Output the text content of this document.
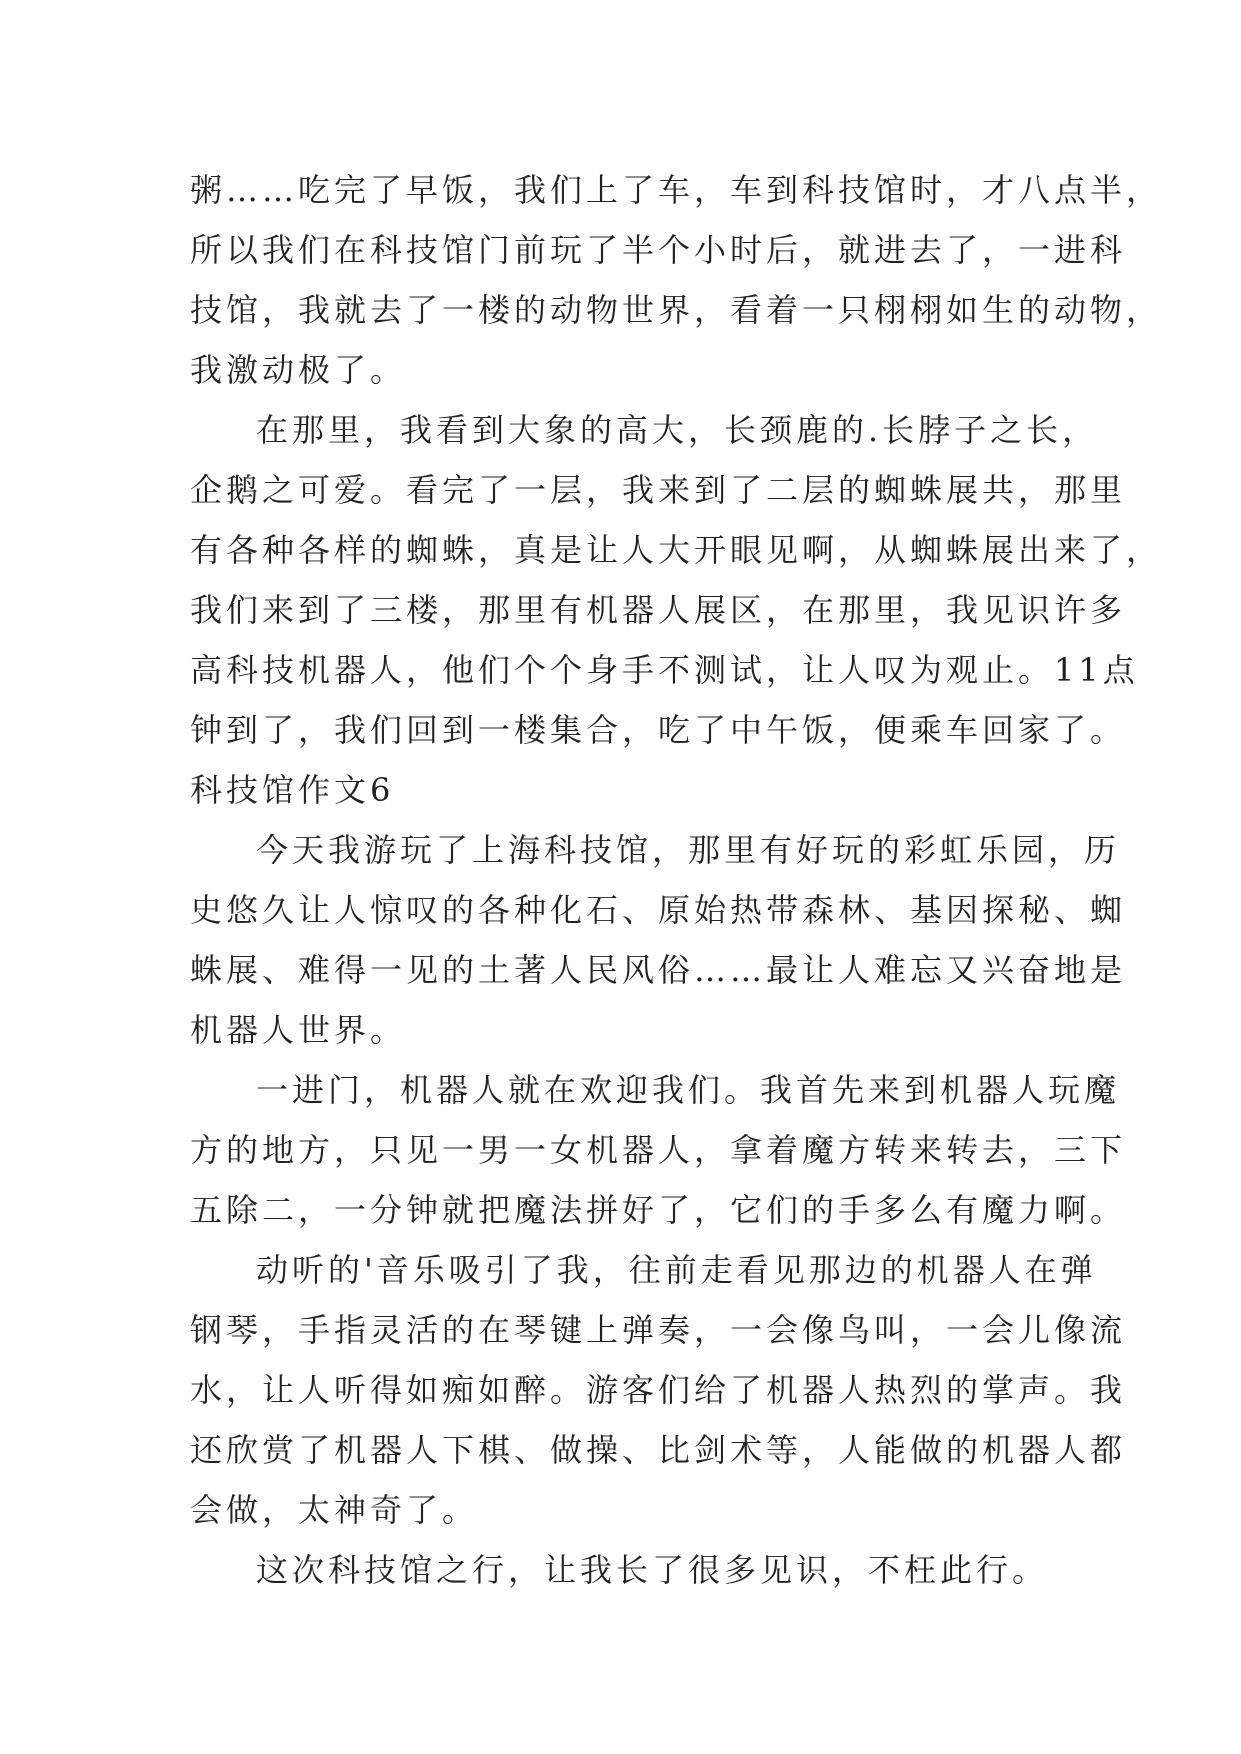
粥……吃完了早饭，我们上了车，车到科技馆时，才八点半，
所以我们在科技馆门前玩了半个小时后，就进去了，一进科
技馆，我就去了一楼的动物世界，看着一只栩栩如生的动物，
我激动极了。
在那里，我看到大象的高大，长颈鹿的.长脖子之长，
企鹅之可爱。看完了一层，我来到了二层的蜘蛛展共，那里
有各种各样的蜘蛛，真是让人大开眼见啊，从蜘蛛展出来了，
我们来到了三楼，那里有机器人展区，在那里，我见识许多
高科技机器人，他们个个身手不测试，让人叹为观止。11点
钟到了，我们回到一楼集合，吃了中午饭，便乘车回家了。
科技馆作文6
今天我游玩了上海科技馆，那里有好玩的彩虹乐园，历
史悠久让人惊叹的各种化石、原始热带森林、基因探秘、蜘
蛛展、难得一见的土著人民风俗……最让人难忘又兴奋地是
机器人世界。
一进门，机器人就在欢迎我们。我首先来到机器人玩魔
方的地方，只见一男一女机器人，拿着魔方转来转去，三下
五除二，一分钟就把魔法拼好了，它们的手多么有魔力啊。
动听的'音乐吸引了我，往前走看见那边的机器人在弹
钢琴，手指灵活的在琴键上弹奏，一会像鸟叫，一会儿像流
水，让人听得如痴如醉。游客们给了机器人热烈的掌声。我
还欣赏了机器人下棋、做操、比剑术等，人能做的机器人都
会做，太神奇了。
这次科技馆之行，让我长了很多见识，不枉此行。
